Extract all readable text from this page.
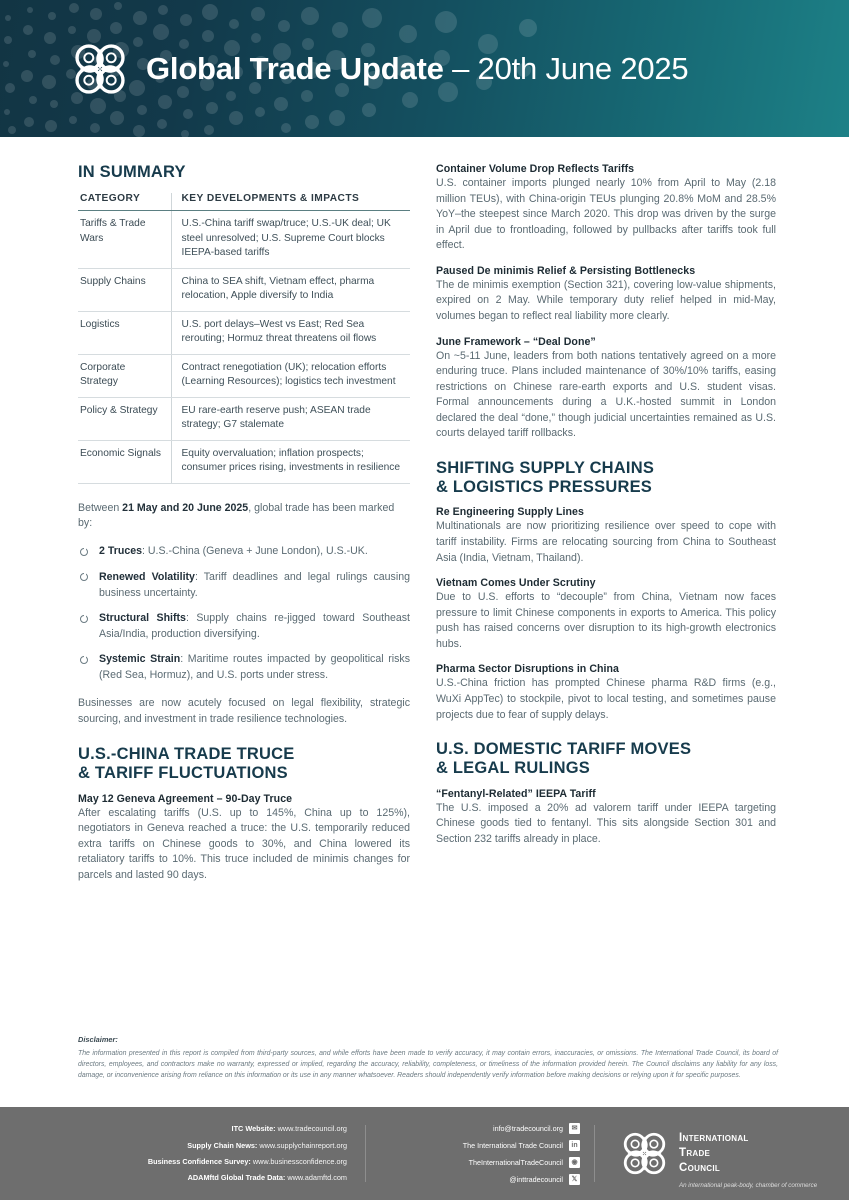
Global Trade Update – 20th June 2025
IN SUMMARY
CATEGORY	KEY DEVELOPMENTS & IMPACTS
Tariffs & Trade Wars	U.S.-China tariff swap/truce; U.S.-UK deal; UK steel unresolved; U.S. Supreme Court blocks IEEPA-based tariffs
Supply Chains	China to SEA shift, Vietnam effect, pharma relocation, Apple diversify to India
Logistics	U.S. port delays–West vs East; Red Sea rerouting; Hormuz threat threatens oil flows
Corporate Strategy	Contract renegotiation (UK); relocation efforts (Learning Resources); logistics tech investment
Policy & Strategy	EU rare-earth reserve push; ASEAN trade strategy; G7 stalemate
Economic Signals	Equity overvaluation; inflation prospects; consumer prices rising, investments in resilience
Between 21 May and 20 June 2025, global trade has been marked by:
2 Truces: U.S.-China (Geneva + June London), U.S.-UK.
Renewed Volatility: Tariff deadlines and legal rulings causing business uncertainty.
Structural Shifts: Supply chains re-jigged toward Southeast Asia/India, production diversifying.
Systemic Strain: Maritime routes impacted by geopolitical risks (Red Sea, Hormuz), and U.S. ports under stress.
Businesses are now acutely focused on legal flexibility, strategic sourcing, and investment in trade resilience technologies.
U.S.-CHINA TRADE TRUCE
& TARIFF FLUCTUATIONS
May 12 Geneva Agreement – 90-Day Truce

After escalating tariffs (U.S. up to 145%, China up to 125%), negotiators in Geneva reached a truce: the U.S. temporarily reduced extra tariffs on Chinese goods to 30%, and China lowered its retaliatory tariffs to 10%. This truce included de minimis changes for parcels and lasted 90 days.

Container Volume Drop Reflects Tariffs

U.S. container imports plunged nearly 10% from April to May (2.18 million TEUs), with China-origin TEUs plunging 20.8% MoM and 28.5% YoY–the steepest since March 2020. This drop was driven by the surge in April due to frontloading, followed by pullbacks after tariffs took full effect.

Paused De minimis Relief & Persisting Bottlenecks

The de minimis exemption (Section 321), covering low-value shipments, expired on 2 May. While temporary duty relief helped in mid-May, volumes began to reflect real liability more clearly.

June Framework – “Deal Done”

On ~5-11 June, leaders from both nations tentatively agreed on a more enduring truce. Plans included maintenance of 30%/10% tariffs, easing restrictions on Chinese rare-earth exports and U.S. student visas. Formal announcements during a U.K.-hosted summit in London declared the deal “done,” though judicial uncertainties remained as U.S. courts delayed tariff rollbacks.

SHIFTING SUPPLY CHAINS
& LOGISTICS PRESSURES
Re Engineering Supply Lines

Multinationals are now prioritizing resilience over speed to cope with tariff instability. Firms are relocating sourcing from China to Southeast Asia (India, Vietnam, Thailand).

Vietnam Comes Under Scrutiny

Due to U.S. efforts to “decouple” from China, Vietnam now faces pressure to limit Chinese components in exports to America. This policy push has raised concerns over disruption to its high-growth electronics hubs.

Pharma Sector Disruptions in China

U.S.-China friction has prompted Chinese pharma R&D firms (e.g., WuXi AppTec) to stockpile, pivot to local testing, and sometimes pause projects due to fear of supply delays.

U.S. DOMESTIC TARIFF MOVES
& LEGAL RULINGS
“Fentanyl-Related” IEEPA Tariff

The U.S. imposed a 20% ad valorem tariff under IEEPA targeting Chinese goods tied to fentanyl. This sits alongside Section 301 and Section 232 tariffs already in place.

Disclaimer:
The information presented in this report is compiled from third-party sources, and while efforts have been made to verify accuracy, it may contain errors, inaccuracies, or omissions. The International Trade Council, its board of directors, employees, and contractors make no warranty, expressed or implied, regarding the accuracy, reliability, completeness, or timeliness of the information provided herein. The Council disclaims any liability for any loss, damage, or inconvenience arising from reliance on this information or its use in any manner whatsoever. Readers should independently verify information before making decisions or relying upon it for specific purposes.
ITC Website: www.tradecouncil.org
Supply Chain News: www.supplychainreport.org
Business Confidence Survey: www.businessconfidence.org
ADAMftd Global Trade Data: www.adamftd.com
info@tradecouncil.org	✉
The International Trade Council	in
TheInternationalTradeCouncil	◉
@inttradecouncil	𝕏
International
Trade
Council
An international peak-body, chamber of commerce
